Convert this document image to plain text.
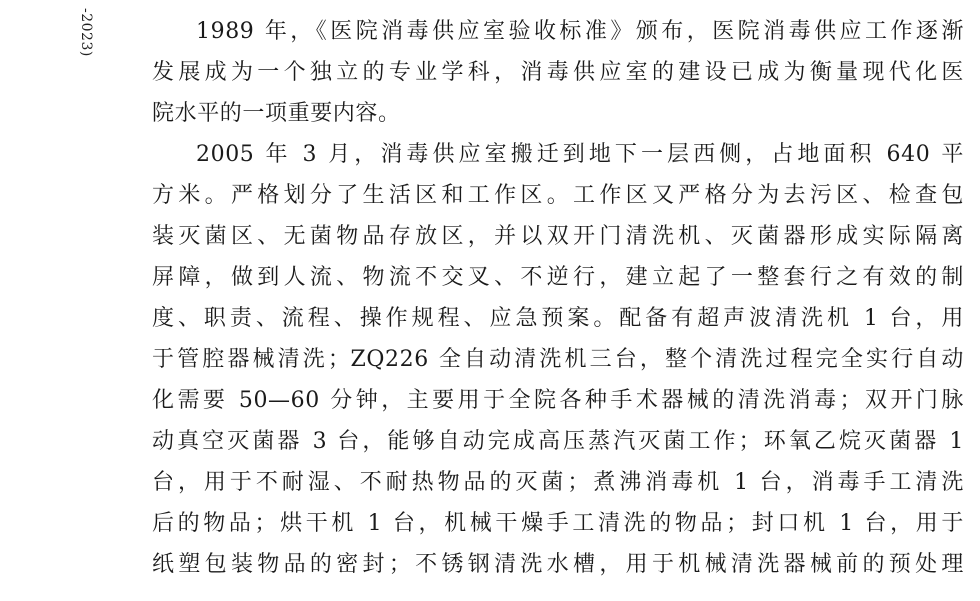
-2023)	1989 年，《医院消毒供应室验收标准》颁布，医院消毒供应工作逐渐
发展成为一个独立的专业学科，消毒供应室的建设已成为衡量现代化医
院水平的一项重要内容。
2005 年 3 月，消毒供应室搬迁到地下一层西侧，占地面积 640 平
方米。严格划分了生活区和工作区。工作区又严格分为去污区、检查包
装灭菌区、无菌物品存放区，并以双开门清洗机、灭菌器形成实际隔离
屏障，做到人流、物流不交叉、不逆行，建立起了一整套行之有效的制
度、职责、流程、操作规程、应急预案。配备有超声波清洗机 1 台，用
于管腔器械清洗；ZQ226 全自动清洗机三台，整个清洗过程完全实行自动
化需要 50—60 分钟，主要用于全院各种手术器械的清洗消毒；双开门脉
动真空灭菌器 3 台，能够自动完成高压蒸汽灭菌工作；环氧乙烷灭菌器 1
台，用于不耐湿、不耐热物品的灭菌；煮沸消毒机 1 台，消毒手工清洗
后的物品；烘干机 1 台，机械干燥手工清洗的物品；封口机 1 台，用于
纸塑包装物品的密封；不锈钢清洗水槽，用于机械清洗器械前的预处理
